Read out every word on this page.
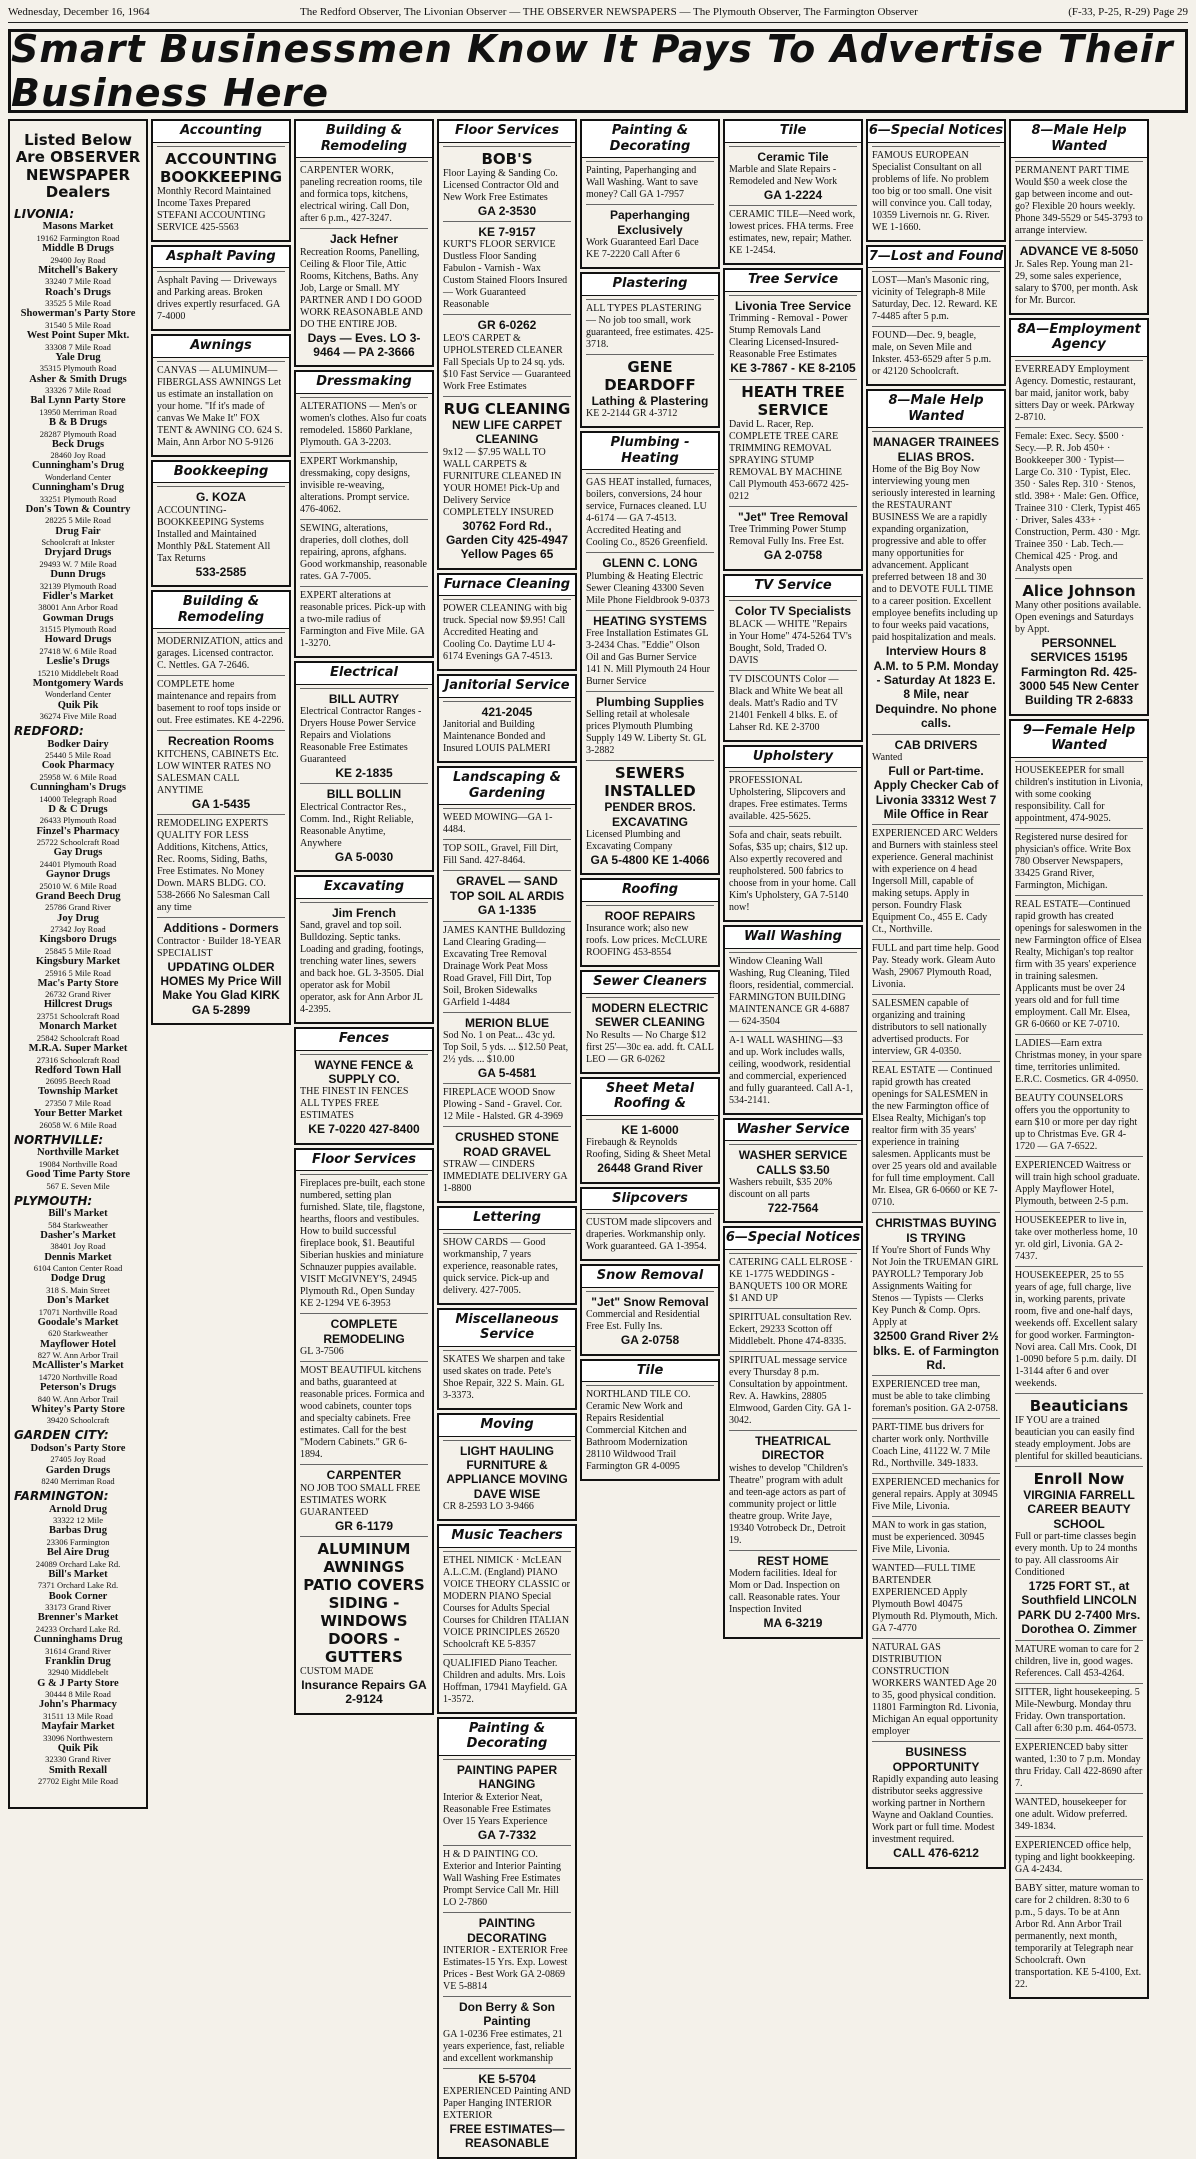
Wednesday, December 16, 1964	The Redford Observer, The Livonian Observer — THE OBSERVER NEWSPAPERS — The Plymouth Observer, The Farmington Observer	(F-33, P-25, R-29) Page 29
Smart Businessmen Know It Pays To Advertise Their Business Here
Listed Below Are OBSERVER NEWSPAPER Dealers
LIVONIA:
Masons Market
19162 Farmington Road
Middle B Drugs
29400 Joy Road
Mitchell's Bakery
33240 7 Mile Road
Roach's Drugs
33525 5 Mile Road
Showerman's Party Store
31540 5 Mile Road
West Point Super Mkt.
33308 7 Mile Road
Yale Drug
35315 Plymouth Road
Asher & Smith Drugs
33326 7 Mile Road
Bal Lynn Party Store
13950 Merriman Road
B & B Drugs
28287 Plymouth Road
Beck Drugs
28460 Joy Road
Cunningham's Drug
Wonderland Center
Cunningham's Drug
33251 Plymouth Road
Don's Town & Country
28225 5 Mile Road
Drug Fair
Schoolcraft at Inkster
Dryjard Drugs
29493 W. 7 Mile Road
Dunn Drugs
32139 Plymouth Road
Fidler's Market
38001 Ann Arbor Road
Gowman Drugs
31515 Plymouth Road
Howard Drugs
27418 W. 6 Mile Road
Leslie's Drugs
15210 Middlebelt Road
Montgomery Wards
Wonderland Center
Quik Pik
36274 Five Mile Road
REDFORD:
Bodker Dairy
25440 5 Mile Road
Cook Pharmacy
25958 W. 6 Mile Road
Cunningham's Drugs
14000 Telegraph Road
D & C Drugs
26433 Plymouth Road
Finzel's Pharmacy
25722 Schoolcraft Road
Gay Drugs
24401 Plymouth Road
Gaynor Drugs
25010 W. 6 Mile Road
Grand Beech Drug
25786 Grand River
Joy Drug
27342 Joy Road
Kingsboro Drugs
25845 5 Mile Road
Kingsbury Market
25916 5 Mile Road
Mac's Party Store
26732 Grand River
Hillcrest Drugs
23751 Schoolcraft Road
Monarch Market
25842 Schoolcraft Road
M.R.A. Super Market
27316 Schoolcraft Road
Redford Town Hall
26095 Beech Road
Township Market
27350 7 Mile Road
Your Better Market
26058 W. 6 Mile Road
NORTHVILLE:
Northville Market
19084 Northville Road
Good Time Party Store
567 E. Seven Mile
PLYMOUTH:
Bill's Market
584 Starkweather
Dasher's Market
38401 Joy Road
Dennis Market
6104 Canton Center Road
Dodge Drug
318 S. Main Street
Don's Market
17071 Northville Road
Goodale's Market
620 Starkweather
Mayflower Hotel
827 W. Ann Arbor Trail
McAllister's Market
14720 Northville Road
Peterson's Drugs
840 W. Ann Arbor Trail
Whitey's Party Store
39420 Schoolcraft
GARDEN CITY:
Dodson's Party Store
27405 Joy Road
Garden Drugs
8240 Merriman Road
FARMINGTON:
Arnold Drug
33322 12 Mile
Barbas Drug
23306 Farmington
Bel Aire Drug
24089 Orchard Lake Rd.
Bill's Market
7371 Orchard Lake Rd.
Book Corner
33173 Grand River
Brenner's Market
24233 Orchard Lake Rd.
Cunninghams Drug
31614 Grand River
Franklin Drug
32940 Middlebelt
G & J Party Store
30444 8 Mile Road
John's Pharmacy
31511 13 Mile Road
Mayfair Market
33096 Northwestern
Quik Pik
32330 Grand River
Smith Rexall
27702 Eight Mile Road
Accounting
ACCOUNTING BOOKKEEPING
Monthly Record Maintained Income Taxes Prepared STEFANI ACCOUNTING SERVICE 425-5563
Asphalt Paving
Asphalt Paving — Driveways and Parking areas. Broken drives expertly resurfaced. GA 7-4000
Awnings
CANVAS — ALUMINUM— FIBERGLASS AWNINGS Let us estimate an installation on your home. "If it's made of canvas We Make It" FOX TENT & AWNING CO. 624 S. Main, Ann Arbor NO 5-9126
Bookkeeping
G. KOZA
ACCOUNTING-BOOKKEEPING Systems Installed and Maintained Monthly P&L Statement All Tax Returns
533-2585
Building & Remodeling
MODERNIZATION, attics and garages. Licensed contractor. C. Nettles. GA 7-2646.
COMPLETE home maintenance and repairs from basement to roof tops inside or out. Free estimates. KE 4-2296.
Recreation Rooms
KITCHENS, CABINETS Etc. LOW WINTER RATES NO SALESMAN CALL ANYTIME
GA 1-5435
REMODELING EXPERTS QUALITY FOR LESS Additions, Kitchens, Attics, Rec. Rooms, Siding, Baths, Free Estimates. No Money Down. MARS BLDG. CO. 538-2666 No Salesman Call any time
Additions - Dormers
Contractor · Builder 18-YEAR SPECIALIST
UPDATING OLDER HOMES My Price Will Make You Glad KIRK GA 5-2899
Building & Remodeling
CARPENTER WORK, paneling recreation rooms, tile and formica tops, kitchens, electrical wiring. Call Don, after 6 p.m., 427-3247.
Jack Hefner
Recreation Rooms, Panelling, Ceiling & Floor Tile, Attic Rooms, Kitchens, Baths. Any Job, Large or Small. MY PARTNER AND I DO GOOD WORK REASONABLE AND DO THE ENTIRE JOB.
Days — Eves. LO 3-9464 — PA 2-3666
Dressmaking
ALTERATIONS — Men's or women's clothes. Also fur coats remodeled. 15860 Parklane, Plymouth. GA 3-2203.
EXPERT Workmanship, dressmaking, copy designs, invisible re-weaving, alterations. Prompt service. 476-4062.
SEWING, alterations, draperies, doll clothes, doll repairing, aprons, afghans. Good workmanship, reasonable rates. GA 7-7005.
EXPERT alterations at reasonable prices. Pick-up with a two-mile radius of Farmington and Five Mile. GA 1-3270.
Electrical
BILL AUTRY
Electrical Contractor Ranges - Dryers House Power Service Repairs and Violations Reasonable Free Estimates Guaranteed
KE 2-1835
BILL BOLLIN
Electrical Contractor Res., Comm. Ind., Right Reliable, Reasonable Anytime, Anywhere
GA 5-0030
Excavating
Jim French
Sand, gravel and top soil. Bulldozing. Septic tanks. Loading and grading, footings, trenching water lines, sewers and back hoe. GL 3-3505. Dial operator ask for Mobil operator, ask for Ann Arbor JL 4-2395.
Fences
WAYNE FENCE & SUPPLY CO.
THE FINEST IN FENCES ALL TYPES FREE ESTIMATES
KE 7-0220 427-8400
Floor Services
Fireplaces pre-built, each stone numbered, setting plan furnished. Slate, tile, flagstone, hearths, floors and vestibules. How to build successful fireplace book, $1. Beautiful Siberian huskies and miniature Schnauzer puppies available. VISIT McGIVNEY'S, 24945 Plymouth Rd., Open Sunday KE 2-1294 VE 6-3953
COMPLETE REMODELING
GL 3-7506
MOST BEAUTIFUL kitchens and baths, guaranteed at reasonable prices. Formica and wood cabinets, counter tops and specialty cabinets. Free estimates. Call for the best "Modern Cabinets." GR 6-1894.
CARPENTER
NO JOB TOO SMALL FREE ESTIMATES WORK GUARANTEED
GR 6-1179
ALUMINUM AWNINGS PATIO COVERS SIDING - WINDOWS DOORS - GUTTERS
CUSTOM MADE
Insurance Repairs GA 2-9124
Floor Services
BOB'S
Floor Laying & Sanding Co. Licensed Contractor Old and New Work Free Estimates
GA 2-3530
KE 7-9157
KURT'S FLOOR SERVICE Dustless Floor Sanding Fabulon - Varnish - Wax Custom Stained Floors Insured — Work Guaranteed Reasonable
GR 6-0262
LEO'S CARPET & UPHOLSTERED CLEANER Fall Specials Up to 24 sq. yds. $10 Fast Service — Guaranteed Work Free Estimates
RUG CLEANING
NEW LIFE CARPET CLEANING
9x12 — $7.95 WALL TO WALL CARPETS & FURNITURE CLEANED IN YOUR HOME! Pick-Up and Delivery Service COMPLETELY INSURED
30762 Ford Rd., Garden City 425-4947 Yellow Pages 65
Furnace Cleaning
POWER CLEANING with big truck. Special now $9.95! Call Accredited Heating and Cooling Co. Daytime LU 4-6174 Evenings GA 7-4513.
Janitorial Service
421-2045
Janitorial and Building Maintenance Bonded and Insured LOUIS PALMERI
Landscaping & Gardening
WEED MOWING—GA 1-4484.
TOP SOIL, Gravel, Fill Dirt, Fill Sand. 427-8464.
GRAVEL — SAND TOP SOIL AL ARDIS GA 1-1335
JAMES KANTHE Bulldozing Land Clearing Grading—Excavating Tree Removal Drainage Work Peat Moss Road Gravel, Fill Dirt, Top Soil, Broken Sidewalks GArfield 1-4484
MERION BLUE
Sod No. 1 on Peat... 43c yd. Top Soil, 5 yds. ... $12.50 Peat, 2½ yds. ... $10.00
GA 5-4581
FIREPLACE WOOD Snow Plowing - Sand - Gravel. Cor. 12 Mile - Halsted. GR 4-3969
CRUSHED STONE ROAD GRAVEL
STRAW — CINDERS IMMEDIATE DELIVERY GA 1-8800
Lettering
SHOW CARDS — Good workmanship, 7 years experience, reasonable rates, quick service. Pick-up and delivery. 427-7005.
Miscellaneous Service
SKATES We sharpen and take used skates on trade. Pete's Shoe Repair, 322 S. Main. GL 3-3373.
Moving
LIGHT HAULING FURNITURE & APPLIANCE MOVING DAVE WISE
CR 8-2593 LO 3-9466
Music Teachers
ETHEL NIMICK · McLEAN A.L.C.M. (England) PIANO VOICE THEORY CLASSIC or MODERN PIANO Special Courses for Adults Special Courses for Children ITALIAN VOICE PRINCIPLES 26520 Schoolcraft KE 5-8357
QUALIFIED Piano Teacher. Children and adults. Mrs. Lois Hoffman, 17941 Mayfield. GA 1-3572.
Painting & Decorating
PAINTING PAPER HANGING
Interior & Exterior Neat, Reasonable Free Estimates Over 15 Years Experience
GA 7-7332
H & D PAINTING CO. Exterior and Interior Painting Wall Washing Free Estimates Prompt Service Call Mr. Hill LO 2-7860
PAINTING DECORATING
INTERIOR - EXTERIOR Free Estimates-15 Yrs. Exp. Lowest Prices - Best Work GA 2-0869 VE 5-8814
Don Berry & Son Painting
GA 1-0236 Free estimates, 21 years experience, fast, reliable and excellent workmanship
KE 5-5704
EXPERIENCED Painting AND Paper Hanging INTERIOR EXTERIOR
FREE ESTIMATES—REASONABLE
Painting & Decorating
Painting, Paperhanging and Wall Washing. Want to save money? Call GA 1-7957
Paperhanging Exclusively
Work Guaranteed Earl Dace KE 7-2220 Call After 6
Plastering
ALL TYPES PLASTERING — No job too small, work guaranteed, free estimates. 425-3718.
GENE DEARDOFF
Lathing & Plastering
KE 2-2144 GR 4-3712
Plumbing - Heating
GAS HEAT installed, furnaces, boilers, conversions, 24 hour service, Furnaces cleaned. LU 4-6174 — GA 7-4513. Accredited Heating and Cooling Co., 8526 Greenfield.
GLENN C. LONG
Plumbing & Heating Electric Sewer Cleaning 43300 Seven Mile Phone Fieldbrook 9-0373
HEATING SYSTEMS
Free Installation Estimates GL 3-2434 Chas. "Eddie" Olson Oil and Gas Burner Service 141 N. Mill Plymouth 24 Hour Burner Service
Plumbing Supplies
Selling retail at wholesale prices Plymouth Plumbing Supply 149 W. Liberty St. GL 3-2882
SEWERS INSTALLED
PENDER BROS. EXCAVATING
Licensed Plumbing and Excavating Company
GA 5-4800 KE 1-4066
Roofing
ROOF REPAIRS
Insurance work; also new roofs. Low prices. McCLURE ROOFING 453-8554
Sewer Cleaners
MODERN ELECTRIC SEWER CLEANING
No Results — No Charge $12 first 25'—30c ea. add. ft. CALL LEO — GR 6-0262
Sheet Metal Roofing &
KE 1-6000
Firebaugh & Reynolds Roofing, Siding & Sheet Metal
26448 Grand River
Slipcovers
CUSTOM made slipcovers and draperies. Workmanship only. Work guaranteed. GA 1-3954.
Snow Removal
"Jet" Snow Removal
Commercial and Residential Free Est. Fully Ins.
GA 2-0758
Tile
NORTHLAND TILE CO. Ceramic New Work and Repairs Residential Commercial Kitchen and Bathroom Modernization 28110 Wildwood Trail Farmington GR 4-0095
Tile
Ceramic Tile
Marble and Slate Repairs - Remodeled and New Work
GA 1-2224
CERAMIC TILE—Need work, lowest prices. FHA terms. Free estimates, new, repair; Mather. KE 1-2454.
Tree Service
Livonia Tree Service
Trimming - Removal - Power Stump Removals Land Clearing Licensed-Insured-Reasonable Free Estimates
KE 3-7867 - KE 8-2105
HEATH TREE SERVICE
David L. Racer, Rep. COMPLETE TREE CARE TRIMMING REMOVAL SPRAYING STUMP REMOVAL BY MACHINE Call Plymouth 453-6672 425-0212
"Jet" Tree Removal
Tree Trimming Power Stump Removal Fully Ins. Free Est.
GA 2-0758
TV Service
Color TV Specialists
BLACK — WHITE "Repairs in Your Home" 474-5264 TV's Bought, Sold, Traded O. DAVIS
TV DISCOUNTS Color — Black and White We beat all deals. Matt's Radio and TV 21401 Fenkell 4 blks. E. of Lahser Rd. KE 2-3700
Upholstery
PROFESSIONAL Upholstering, Slipcovers and drapes. Free estimates. Terms available. 425-5625.
Sofa and chair, seats rebuilt. Sofas, $35 up; chairs, $12 up. Also expertly recovered and reupholstered. 500 fabrics to choose from in your home. Call Kim's Upholstery, GA 7-5140 now!
Wall Washing
Window Cleaning Wall Washing, Rug Cleaning, Tiled floors, residential, commercial. FARMINGTON BUILDING MAINTENANCE GR 4-6887 — 624-3504
A-1 WALL WASHING—$3 and up. Work includes walls, ceiling, woodwork, residential and commercial, experienced and fully guaranteed. Call A-1, 534-2141.
Washer Service
WASHER SERVICE CALLS $3.50
Washers rebuilt, $35 20% discount on all parts
722-7564
6—Special Notices
CATERING CALL ELROSE · KE 1-1775 WEDDINGS - BANQUETS 100 OR MORE $1 AND UP
SPIRITUAL consultation Rev. Eckert, 29233 Scotton off Middlebelt. Phone 474-8335.
SPIRITUAL message service every Thursday 8 p.m. Consultation by appointment. Rev. A. Hawkins, 28805 Elmwood, Garden City. GA 1-3042.
THEATRICAL DIRECTOR
wishes to develop "Children's Theatre" program with adult and teen-age actors as part of community project or little theatre group. Write Jaye, 19340 Votrobeck Dr., Detroit 19.
REST HOME
Modern facilities. Ideal for Mom or Dad. Inspection on call. Reasonable rates. Your Inspection Invited
MA 6-3219
6—Special Notices
FAMOUS EUROPEAN Specialist Consultant on all problems of life. No problem too big or too small. One visit will convince you. Call today, 10359 Livernois nr. G. River. WE 1-1660.
7—Lost and Found
LOST—Man's Masonic ring, vicinity of Telegraph-8 Mile Saturday, Dec. 12. Reward. KE 7-4485 after 5 p.m.
FOUND—Dec. 9, beagle, male, on Seven Mile and Inkster. 453-6529 after 5 p.m. or 42120 Schoolcraft.
8—Male Help Wanted
MANAGER TRAINEES ELIAS BROS.
Home of the Big Boy Now interviewing young men seriously interested in learning the RESTAURANT BUSINESS We are a rapidly expanding organization, progressive and able to offer many opportunities for advancement. Applicant preferred between 18 and 30 and to DEVOTE FULL TIME to a career position. Excellent employee benefits including up to four weeks paid vacations, paid hospitalization and meals.
Interview Hours 8 A.M. to 5 P.M. Monday - Saturday At 1823 E. 8 Mile, near Dequindre. No phone calls.
CAB DRIVERS
Wanted
Full or Part-time. Apply Checker Cab of Livonia 33312 West 7 Mile Office in Rear
EXPERIENCED ARC Welders and Burners with stainless steel experience. General machinist with experience on 4 head Ingersoll Mill, capable of making setups. Apply in person. Foundry Flask Equipment Co., 455 E. Cady Ct., Northville.
FULL and part time help. Good Pay. Steady work. Gleam Auto Wash, 29067 Plymouth Road, Livonia.
SALESMEN capable of organizing and training distributors to sell nationally advertised products. For interview, GR 4-0350.
REAL ESTATE — Continued rapid growth has created openings for SALESMEN in the new Farmington office of Elsea Realty, Michigan's top realtor firm with 35 years' experience in training salesmen. Applicants must be over 25 years old and available for full time employment. Call Mr. Elsea, GR 6-0660 or KE 7-0710.
CHRISTMAS BUYING IS TRYING
If You're Short of Funds Why Not Join the TRUEMAN GIRL PAYROLL? Temporary Job Assignments Waiting for Stenos — Typists — Clerks Key Punch & Comp. Oprs. Apply at
32500 Grand River 2½ blks. E. of Farmington Rd.
EXPERIENCED tree man, must be able to take climbing foreman's position. GA 2-0758.
PART-TIME bus drivers for charter work only. Northville Coach Line, 41122 W. 7 Mile Rd., Northville. 349-1833.
EXPERIENCED mechanics for general repairs. Apply at 30945 Five Mile, Livonia.
MAN to work in gas station, must be experienced. 30945 Five Mile, Livonia.
WANTED—FULL TIME BARTENDER EXPERIENCED Apply Plymouth Bowl 40475 Plymouth Rd. Plymouth, Mich. GA 7-4770
NATURAL GAS DISTRIBUTION CONSTRUCTION WORKERS WANTED Age 20 to 35, good physical condition. 11801 Farmington Rd. Livonia, Michigan An equal opportunity employer
BUSINESS OPPORTUNITY
Rapidly expanding auto leasing distributor seeks aggressive working partner in Northern Wayne and Oakland Counties. Work part or full time. Modest investment required.
CALL 476-6212
8—Male Help Wanted
PERMANENT PART TIME Would $50 a week close the gap between income and out-go? Flexible 20 hours weekly. Phone 349-5529 or 545-3793 to arrange interview.
ADVANCE VE 8-5050
Jr. Sales Rep. Young man 21-29, some sales experience, salary to $700, per month. Ask for Mr. Burcor.
8A—Employment Agency
EVERREADY Employment Agency. Domestic, restaurant, bar maid, janitor work, baby sitters Day or week. PArkway 2-8710.
Female: Exec. Secy. $500 · Secy.—P. R. Job 450+ · Bookkeeper 300 · Typist—Large Co. 310 · Typist, Elec. 350 · Sales Rep. 310 · Stenos, stld. 398+ · Male: Gen. Office, Trainee 310 · Clerk, Typist 465 · Driver, Sales 433+ · Construction, Perm. 430 · Mgr. Trainee 350 · Lab. Tech.—Chemical 425 · Prog. and Analysts open
Alice Johnson
Many other positions available. Open evenings and Saturdays by Appt.
PERSONNEL SERVICES 15195 Farmington Rd. 425-3000 545 New Center Building TR 2-6833
9—Female Help Wanted
HOUSEKEEPER for small children's institution in Livonia, with some cooking responsibility. Call for appointment, 474-9025.
Registered nurse desired for physician's office. Write Box 780 Observer Newspapers, 33425 Grand River, Farmington, Michigan.
REAL ESTATE—Continued rapid growth has created openings for saleswomen in the new Farmington office of Elsea Realty, Michigan's top realtor firm with 35 years' experience in training salesmen. Applicants must be over 24 years old and for full time employment. Call Mr. Elsea, GR 6-0660 or KE 7-0710.
LADIES—Earn extra Christmas money, in your spare time, territories unlimited. E.R.C. Cosmetics. GR 4-0950.
BEAUTY COUNSELORS offers you the opportunity to earn $10 or more per day right up to Christmas Eve. GR 4-1720 — GA 7-6522.
EXPERIENCED Waitress or will train high school graduate. Apply Mayflower Hotel, Plymouth, between 2-5 p.m.
HOUSEKEEPER to live in, take over motherless home, 10 yr. old girl, Livonia. GA 2-7437.
HOUSEKEEPER, 25 to 55 years of age, full charge, live in, working parents, private room, five and one-half days, weekends off. Excellent salary for good worker. Farmington-Novi area. Call Mrs. Cook, DI 1-0090 before 5 p.m. daily. DI 1-3144 after 6 and over weekends.
Beauticians
IF YOU are a trained beautician you can easily find steady employment. Jobs are plentiful for skilled beauticians.
Enroll Now
VIRGINIA FARRELL CAREER BEAUTY SCHOOL
Full or part-time classes begin every month. Up to 24 months to pay. All classrooms Air Conditioned
1725 FORT ST., at Southfield LINCOLN PARK DU 2-7400 Mrs. Dorothea O. Zimmer
MATURE woman to care for 2 children, live in, good wages. References. Call 453-4264.
SITTER, light housekeeping. 5 Mile-Newburg. Monday thru Friday. Own transportation. Call after 6:30 p.m. 464-0573.
EXPERIENCED baby sitter wanted, 1:30 to 7 p.m. Monday thru Friday. Call 422-8690 after 7.
WANTED, housekeeper for one adult. Widow preferred. 349-1834.
EXPERIENCED office help, typing and light bookkeeping. GA 4-2434.
BABY sitter, mature woman to care for 2 children. 8:30 to 6 p.m., 5 days. To be at Ann Arbor Rd. Ann Arbor Trail permanently, next month, temporarily at Telegraph near Schoolcraft. Own transportation. KE 5-4100, Ext. 22.
